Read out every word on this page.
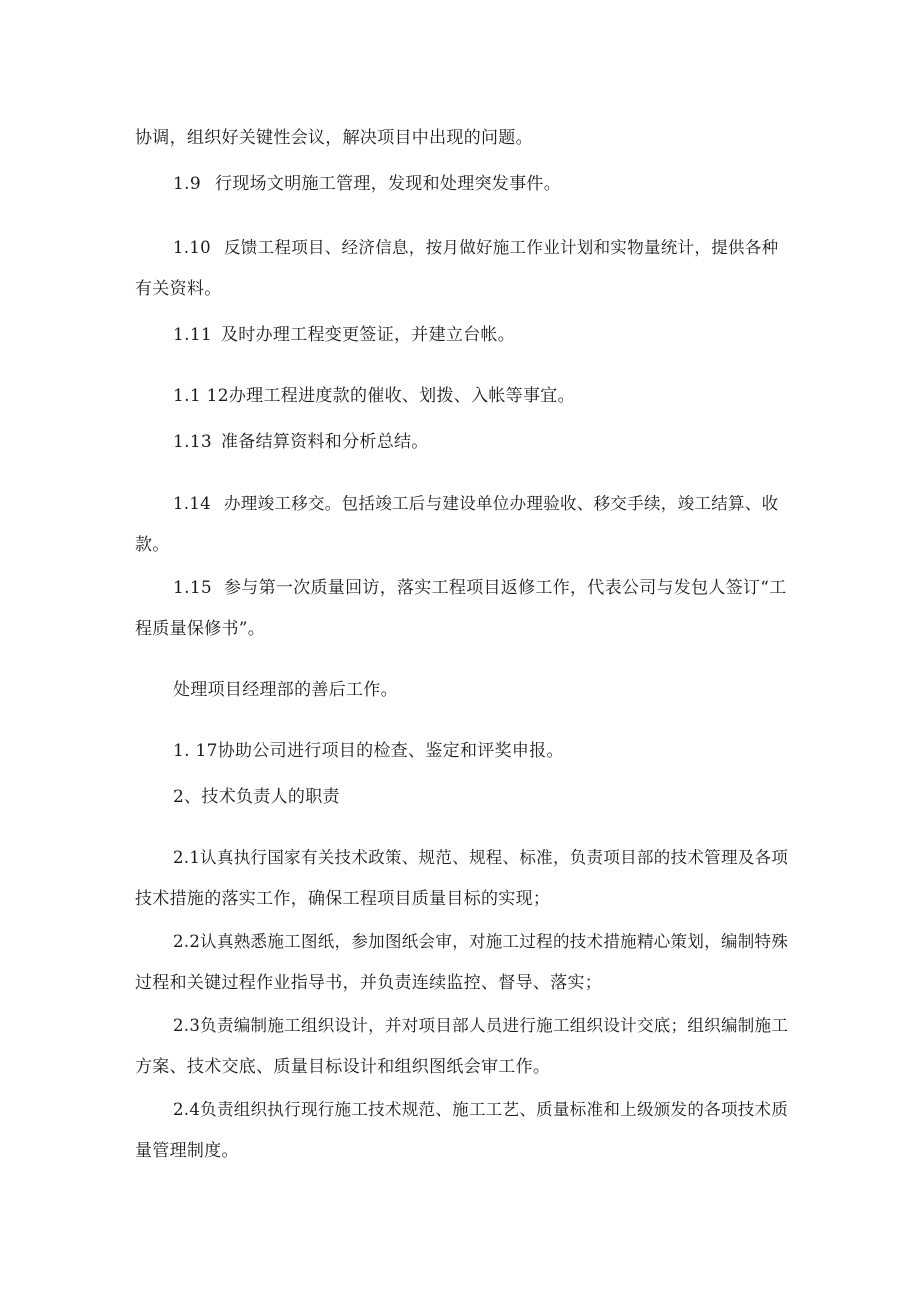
协调，组织好关键性会议，解决项目中出现的问题。
1.9 行现场文明施工管理，发现和处理突发事件。
1.10 反馈工程项目、经济信息，按月做好施工作业计划和实物量统计，提供各种
有关资料。
1.11 及时办理工程变更签证，并建立台帐。
1.1 12办理工程进度款的催收、划拨、入帐等事宜。
1.13 准备结算资料和分析总结。
1.14 办理竣工移交。包括竣工后与建设单位办理验收、移交手续，竣工结算、收
款。
1.15 参与第一次质量回访，落实工程项目返修工作，代表公司与发包人签订“工
程质量保修书”。
处理项目经理部的善后工作。
1. 17协助公司进行项目的检查、鉴定和评奖申报。
2、技术负责人的职责
2.1认真执行国家有关技术政策、规范、规程、标准，负责项目部的技术管理及各项
技术措施的落实工作，确保工程项目质量目标的实现；
2.2认真熟悉施工图纸，参加图纸会审，对施工过程的技术措施精心策划，编制特殊
过程和关键过程作业指导书，并负责连续监控、督导、落实；
2.3负责编制施工组织设计，并对项目部人员进行施工组织设计交底；组织编制施工
方案、技术交底、质量目标设计和组织图纸会审工作。
2.4负责组织执行现行施工技术规范、施工工艺、质量标准和上级颁发的各项技术质
量管理制度。
